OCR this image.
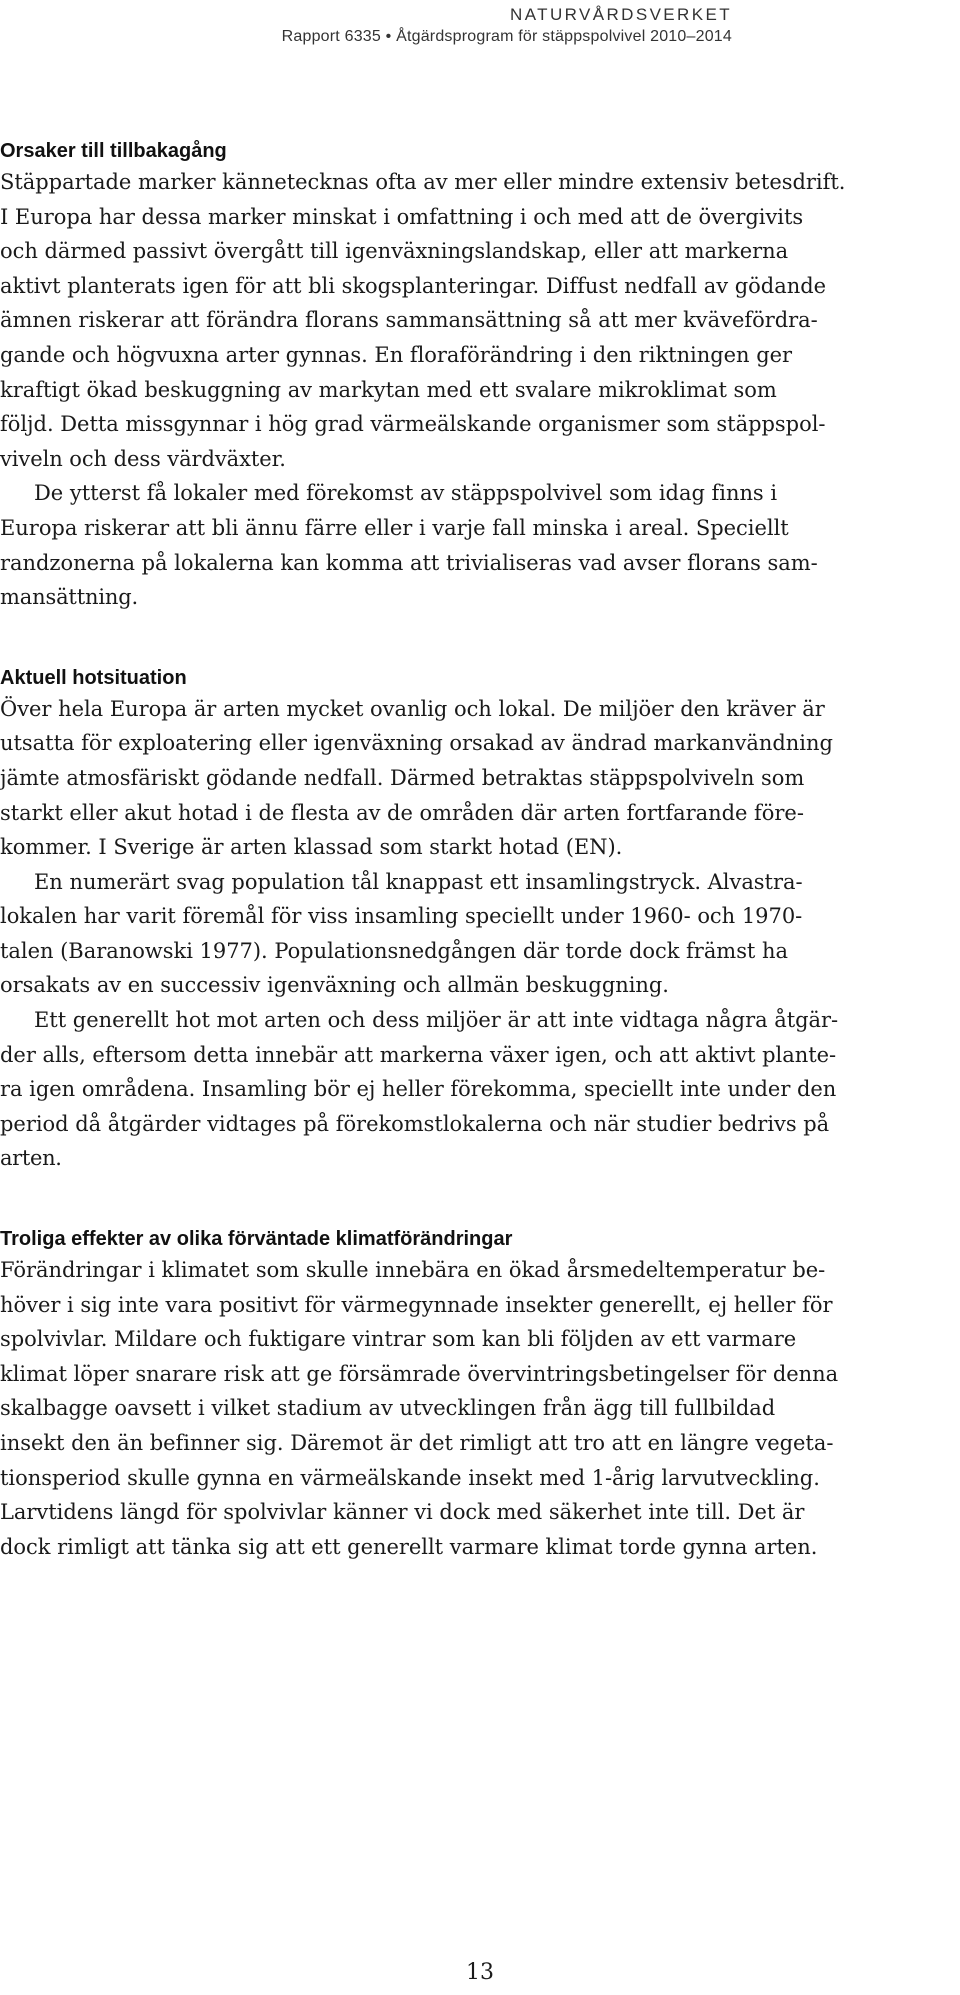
NATURVÅRDSVERKET
Rapport 6335 • Åtgärdsprogram för stäppspolvivel 2010–2014
Orsaker till tillbakagång

Stäppartade marker kännetecknas ofta av mer eller mindre extensiv betesdrift.

I Europa har dessa marker minskat i omfattning i och med att de övergivits

och därmed passivt övergått till igenväxningslandskap, eller att markerna

aktivt planterats igen för att bli skogsplanteringar. Diffust nedfall av gödande

ämnen riskerar att förändra florans sammansättning så att mer kvävefördra-

gande och högvuxna arter gynnas. En floraförändring i den riktningen ger

kraftigt ökad beskuggning av markytan med ett svalare mikroklimat som

följd. Detta missgynnar i hög grad värmeälskande organismer som stäppspol-

viveln och dess värdväxter.

De ytterst få lokaler med förekomst av stäppspolvivel som idag finns i

Europa riskerar att bli ännu färre eller i varje fall minska i areal. Speciellt

randzonerna på lokalerna kan komma att trivialiseras vad avser florans sam-

mansättning.

Aktuell hotsituation

Över hela Europa är arten mycket ovanlig och lokal. De miljöer den kräver är

utsatta för exploatering eller igenväxning orsakad av ändrad markanvändning

jämte atmosfäriskt gödande nedfall. Därmed betraktas stäppspolviveln som

starkt eller akut hotad i de flesta av de områden där arten fortfarande före-

kommer. I Sverige är arten klassad som starkt hotad (EN).

En numerärt svag population tål knappast ett insamlingstryck. Alvastra-

lokalen har varit föremål för viss insamling speciellt under 1960- och 1970-

talen (Baranowski 1977). Populationsnedgången där torde dock främst ha

orsakats av en successiv igenväxning och allmän beskuggning.

Ett generellt hot mot arten och dess miljöer är att inte vidtaga några åtgär-

der alls, eftersom detta innebär att markerna växer igen, och att aktivt plante-

ra igen områdena. Insamling bör ej heller förekomma, speciellt inte under den

period då åtgärder vidtages på förekomstlokalerna och när studier bedrivs på

arten.

Troliga effekter av olika förväntade klimatförändringar

Förändringar i klimatet som skulle innebära en ökad årsmedeltemperatur be-

höver i sig inte vara positivt för värmegynnade insekter generellt, ej heller för

spolvivlar. Mildare och fuktigare vintrar som kan bli följden av ett varmare

klimat löper snarare risk att ge försämrade övervintringsbetingelser för denna

skalbagge oavsett i vilket stadium av utvecklingen från ägg till fullbildad

insekt den än befinner sig. Däremot är det rimligt att tro att en längre vegeta-

tionsperiod skulle gynna en värmeälskande insekt med 1-årig larvutveckling.

Larvtidens längd för spolvivlar känner vi dock med säkerhet inte till. Det är

dock rimligt att tänka sig att ett generellt varmare klimat torde gynna arten.

13
